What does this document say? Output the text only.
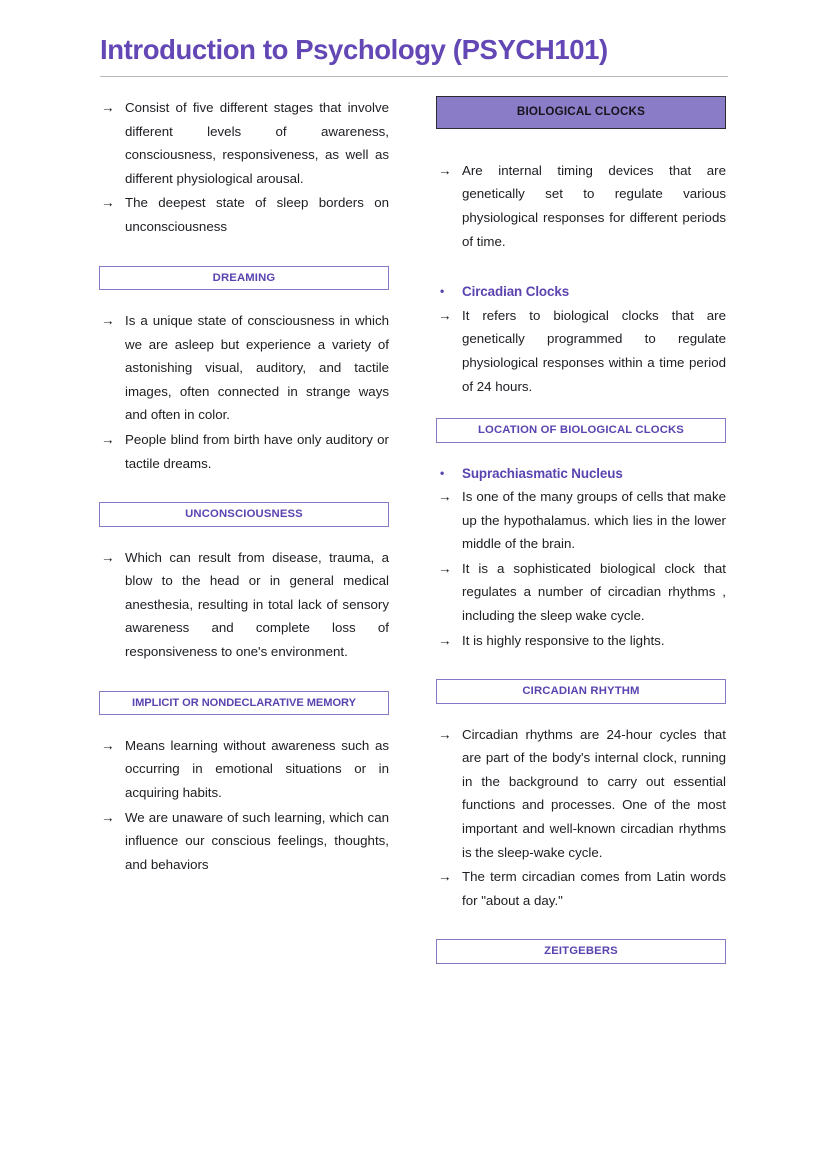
Introduction to Psychology (PSYCH101)
→ Consist of five different stages that involve different levels of awareness, consciousness, responsiveness, as well as different physiological arousal.
→ The deepest state of sleep borders on unconsciousness
DREAMING
→ Is a unique state of consciousness in which we are asleep but experience a variety of astonishing visual, auditory, and tactile images, often connected in strange ways and often in color.
→ People blind from birth have only auditory or tactile dreams.
UNCONSCIOUSNESS
→ Which can result from disease, trauma, a blow to the head or in general medical anesthesia, resulting in total lack of sensory awareness and complete loss of responsiveness to one's environment.
IMPLICIT OR NONDECLARATIVE MEMORY
→ Means learning without awareness such as occurring in emotional situations or in acquiring habits.
→ We are unaware of such learning, which can influence our conscious feelings, thoughts, and behaviors
BIOLOGICAL CLOCKS
→ Are internal timing devices that are genetically set to regulate various physiological responses for different periods of time.
•	Circadian Clocks
→ It refers to biological clocks that are genetically programmed to regulate physiological responses within a time period of 24 hours.
LOCATION OF BIOLOGICAL CLOCKS
•	Suprachiasmatic Nucleus
→ Is one of the many groups of cells that make up the hypothalamus. which lies in the lower middle of the brain.
→ It is a sophisticated biological clock that regulates a number of circadian rhythms , including the sleep wake cycle.
→ It is highly responsive to the lights.
CIRCADIAN RHYTHM
→ Circadian rhythms are 24-hour cycles that are part of the body's internal clock, running in the background to carry out essential functions and processes. One of the most important and well-known circadian rhythms is the sleep-wake cycle.
→ The term circadian comes from Latin words for "about a day."
ZEITGEBERS
